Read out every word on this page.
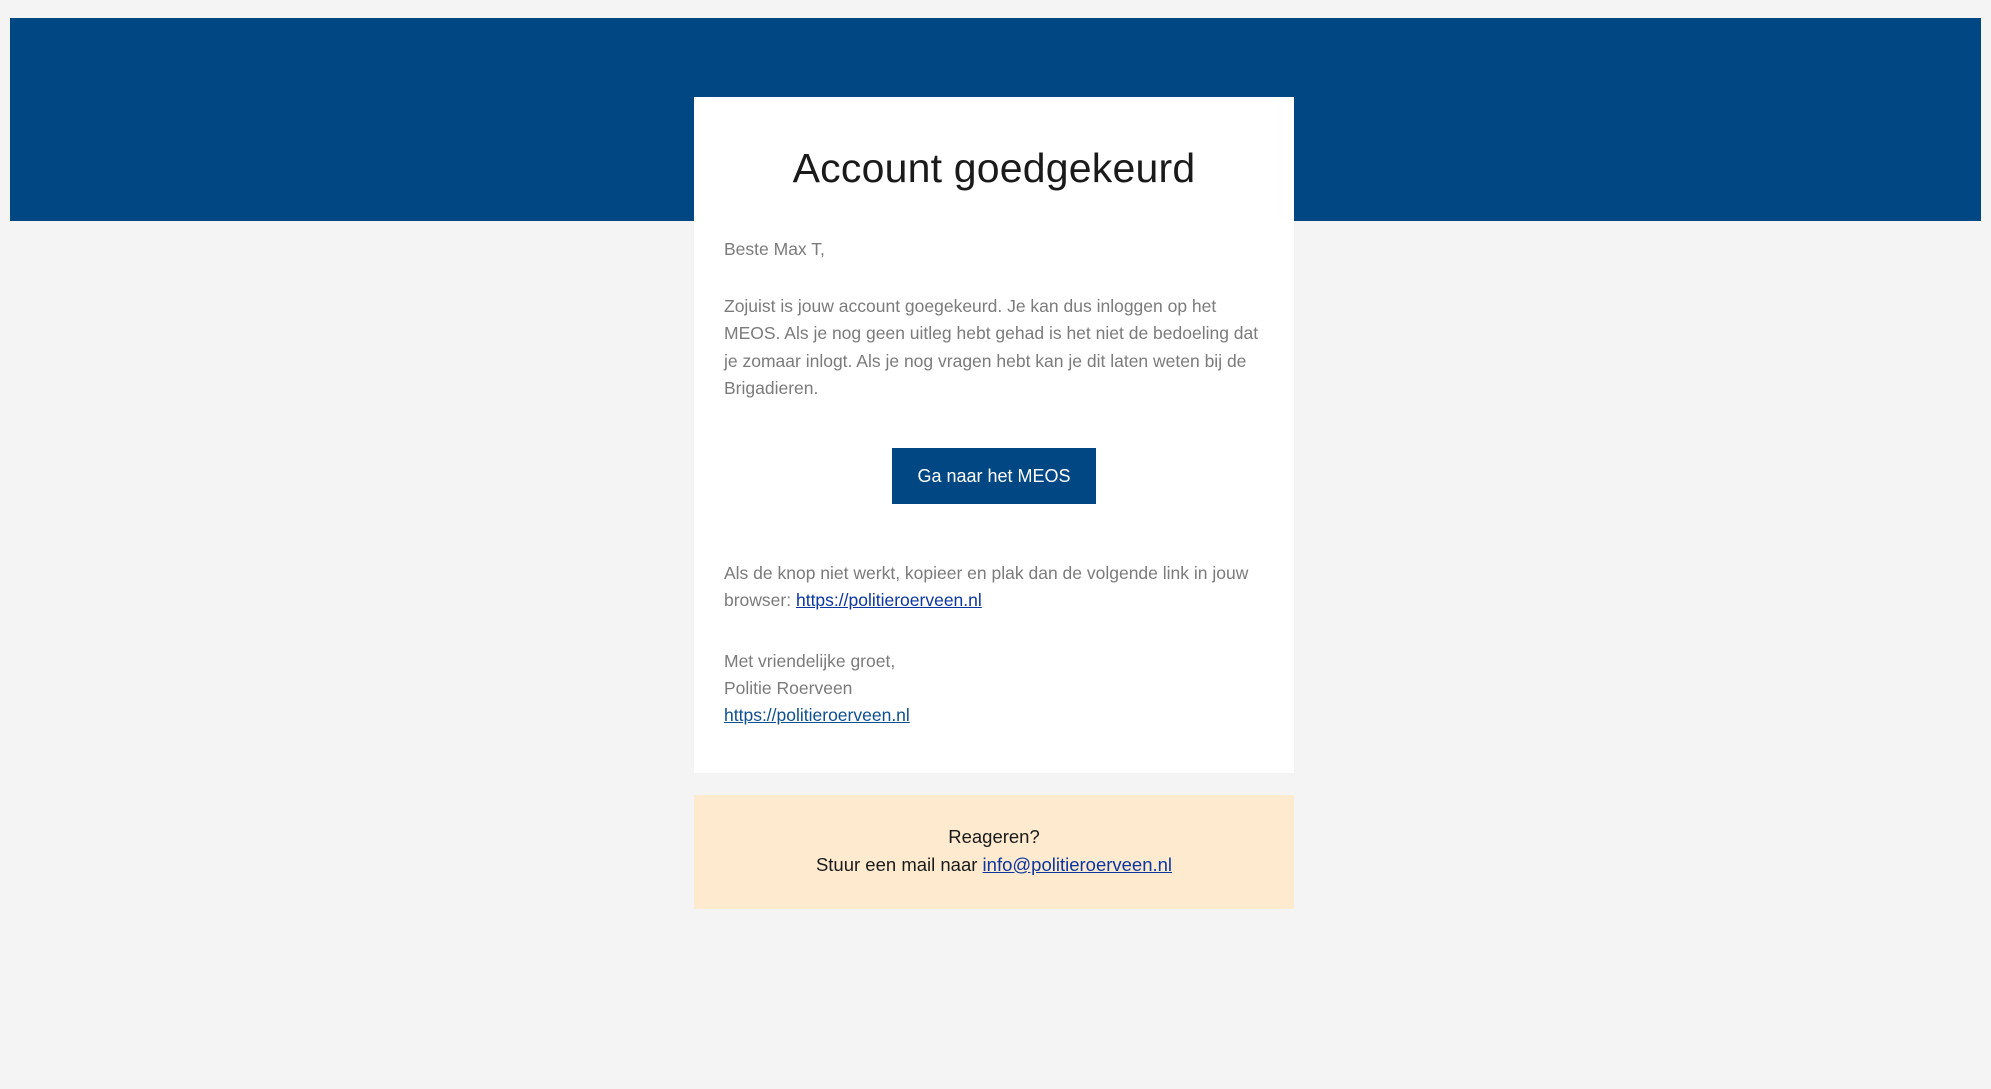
Account goedgekeurd

Beste Max T,

Zojuist is jouw account goegekeurd. Je kan dus inloggen op het MEOS. Als je nog geen uitleg hebt gehad is het niet de bedoeling dat je zomaar inlogt. Als je nog vragen hebt kan je dit laten weten bij de Brigadieren.

Ga naar het MEOS

Als de knop niet werkt, kopieer en plak dan de volgende link in jouw browser: https://politieroerveen.nl

Met vriendelijke groet,
Politie Roerveen
https://politieroerveen.nl

Reageren?
Stuur een mail naar info@politieroerveen.nl
